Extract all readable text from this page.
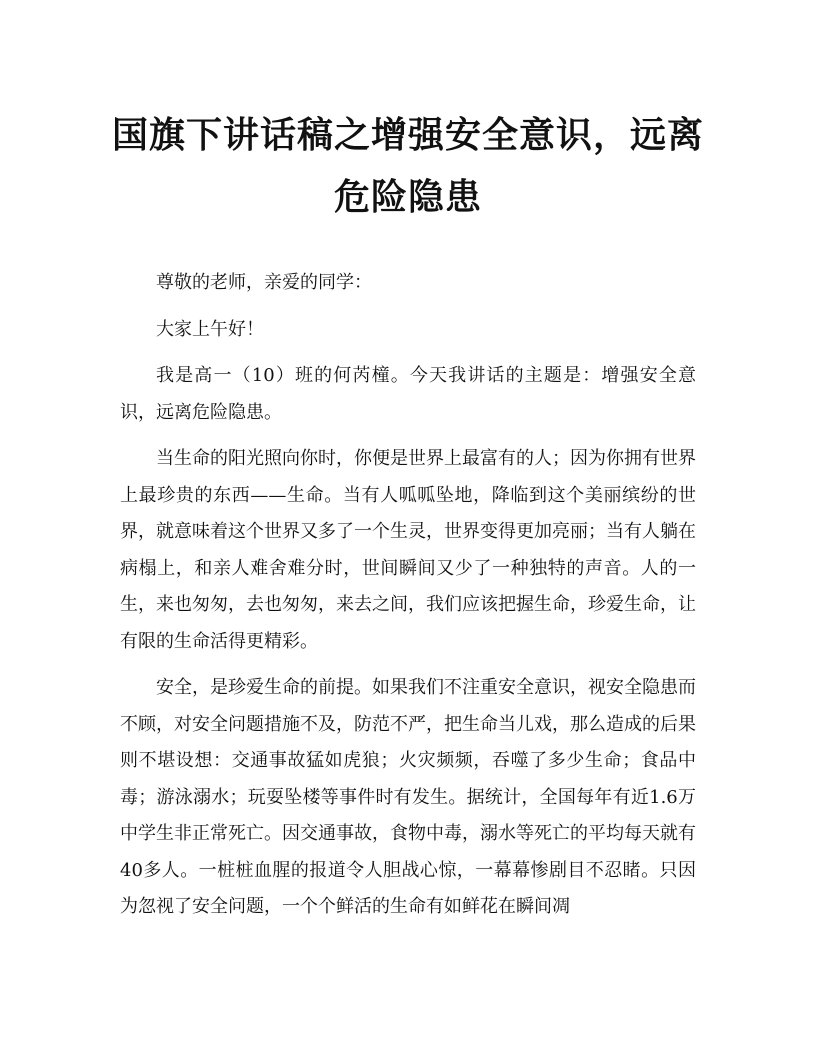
国旗下讲话稿之增强安全意识，远离危险隐患

尊敬的老师，亲爱的同学：

大家上午好！

我是高一（10）班的何芮橦。今天我讲话的主题是：增强安全意识，远离危险隐患。

当生命的阳光照向你时，你便是世界上最富有的人；因为你拥有世界上最珍贵的东西——生命。当有人呱呱坠地，降临到这个美丽缤纷的世界，就意味着这个世界又多了一个生灵，世界变得更加亮丽；当有人躺在病榻上，和亲人难舍难分时，世间瞬间又少了一种独特的声音。人的一生，来也匆匆，去也匆匆，来去之间，我们应该把握生命，珍爱生命，让有限的生命活得更精彩。

安全，是珍爱生命的前提。如果我们不注重安全意识，视安全隐患而不顾，对安全问题措施不及，防范不严，把生命当儿戏，那么造成的后果则不堪设想：交通事故猛如虎狼；火灾频频，吞噬了多少生命；食品中毒；游泳溺水；玩耍坠楼等事件时有发生。据统计，全国每年有近1.6万中学生非正常死亡。因交通事故，食物中毒，溺水等死亡的平均每天就有40多人。一桩桩血腥的报道令人胆战心惊，一幕幕惨剧目不忍睹。只因为忽视了安全问题，一个个鲜活的生命有如鲜花在瞬间凋
